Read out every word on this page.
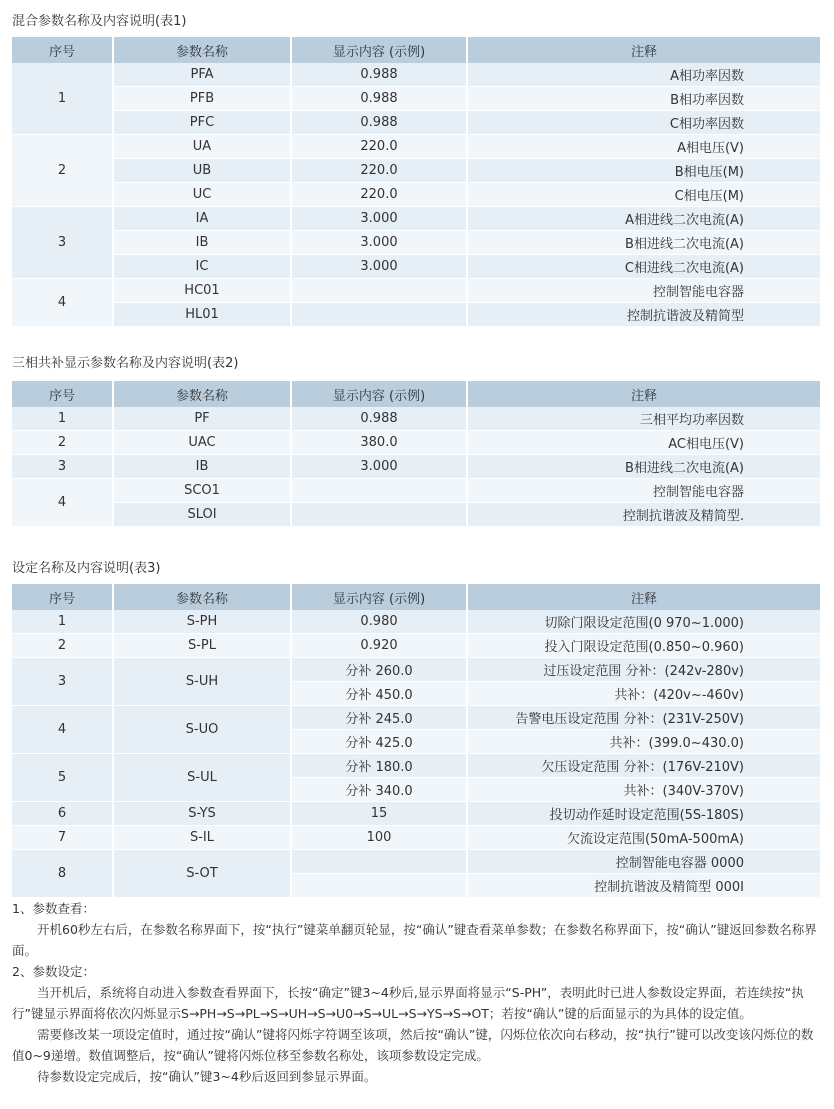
混合参数名称及内容说明(表1)
序号	参数名称	显示内容 (示例)	注释
1	PFA	0.988	A相功率因数
	PFB	0.988	B相功率因数
	PFC	0.988	C相功率因数
2	UA	220.0	A相电压(V)
	UB	220.0	B相电压(M)
	UC	220.0	C相电压(M)
3	IA	3.000	A相进线二次电流(A)
	IB	3.000	B相进线二次电流(A)
	IC	3.000	C相进线二次电流(A)
4	HC01		控制智能电容器
	HL01		控制抗谐波及精简型
三相共补显示参数名称及内容说明(表2)
序号	参数名称	显示内容 (示例)	注释
1	PF	0.988	三相平均功率因数
2	UAC	380.0	AC相电压(V)
3	IB	3.000	B相进线二次电流(A)
4	SCO1		控制智能电容器
	SLOI		控制抗谐波及精简型.
设定名称及内容说明(表3)
序号	参数名称	显示内容 (示例)	注释
1	S-PH	0.980	切除门限设定范围(0 970~1.000)
2	S-PL	0.920	投入门限设定范围(0.850~0.960)
3	S-UH	分补 260.0	过压设定范围 分补：(242v-280v)
		分补 450.0	共补：(420v~-460v)
4	S-UO	分补 245.0	告警电压设定范围 分补：(231V-250V)
		分补 425.0	共补：(399.0~430.0)
5	S-UL	分补 180.0	欠压设定范围 分补：(176V-210V)
		分补 340.0	共补：(340V-370V)
6	S-YS	15	投切动作延时设定范围(5S-180S)
7	S-IL	100	欠流设定范围(50mA-500mA)
8	S-OT		控制智能电容器 0000
			控制抗谐波及精简型 000I
1、参数查看：
开机60秒左右后，在参数名称界面下，按“执行”键菜单翻页轮显，按“确认”键查看菜单参数；在参数名称界面下，按“确认”键返回参数名称界面。
2、参数设定：
当开机后，系统将自动进入参数查看界面下，长按“确定”键3~4秒后,显示界面将显示“S-PH”，表明此时已进人参数设定界面，若连续按“执行”键显示界面将依次闪烁显示S→PH→S→PL→S→UH→S→U0→S→UL→S→YS→S→OT；若按“确认”键的后面显示的为具体的设定值。
需要修改某一项设定值时，通过按“确认”键将闪烁字符调至该项，然后按“确认”键，闪烁位依次向右移动，按“执行”键可以改变该闪烁位的数值0~9递增。数值调整后，按“确认”键将闪烁位移至参数名称处，该项参数设定完成。
待参数设定完成后，按“确认”键3~4秒后返回到参显示界面。
